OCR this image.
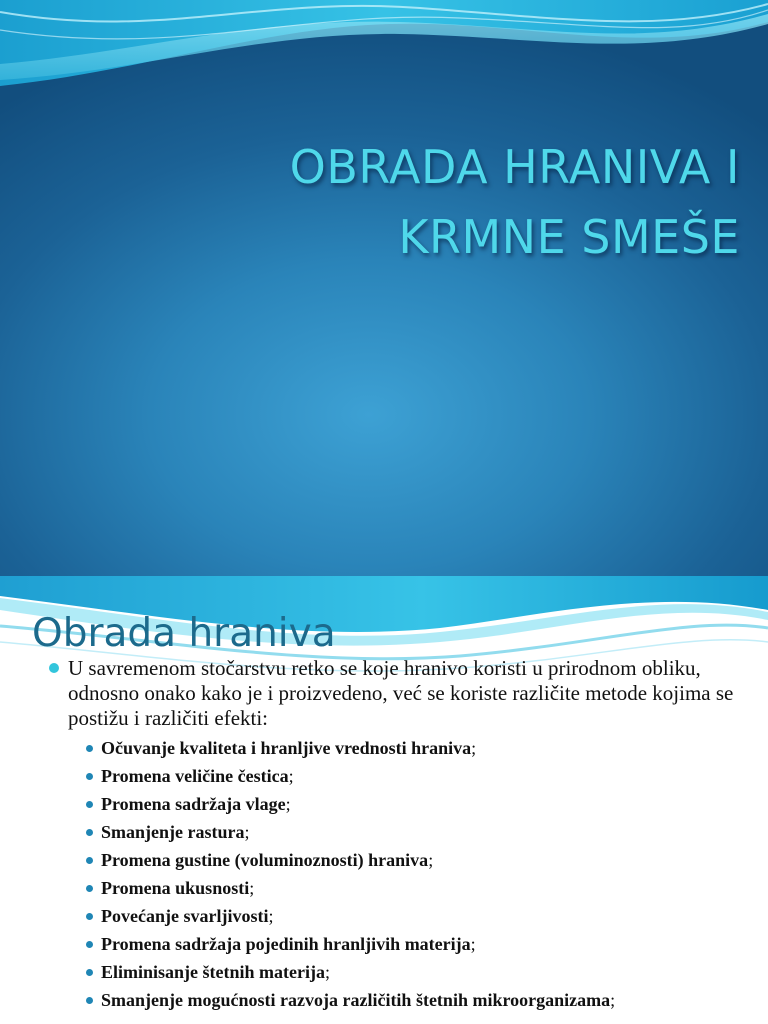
OBRADA HRANIVA I
KRMNE SMEŠE
Obrada hraniva

U savremenom stočarstvu retko se koje hranivo koristi u prirodnom obliku, odnosno onako kako je i proizvedeno, već se koriste različite metode kojima se postižu i različiti efekti:

Očuvanje kvaliteta i hranljive vrednosti hraniva;
Promena veličine čestica;
Promena sadržaja vlage;
Smanjenje rastura;
Promena gustine (voluminoznosti) hraniva;
Promena ukusnosti;
Povećanje svarljivosti;
Promena sadržaja pojedinih hranljivih materija;
Eliminisanje štetnih materija;
Smanjenje mogućnosti razvoja različitih štetnih mikroorganizama;
